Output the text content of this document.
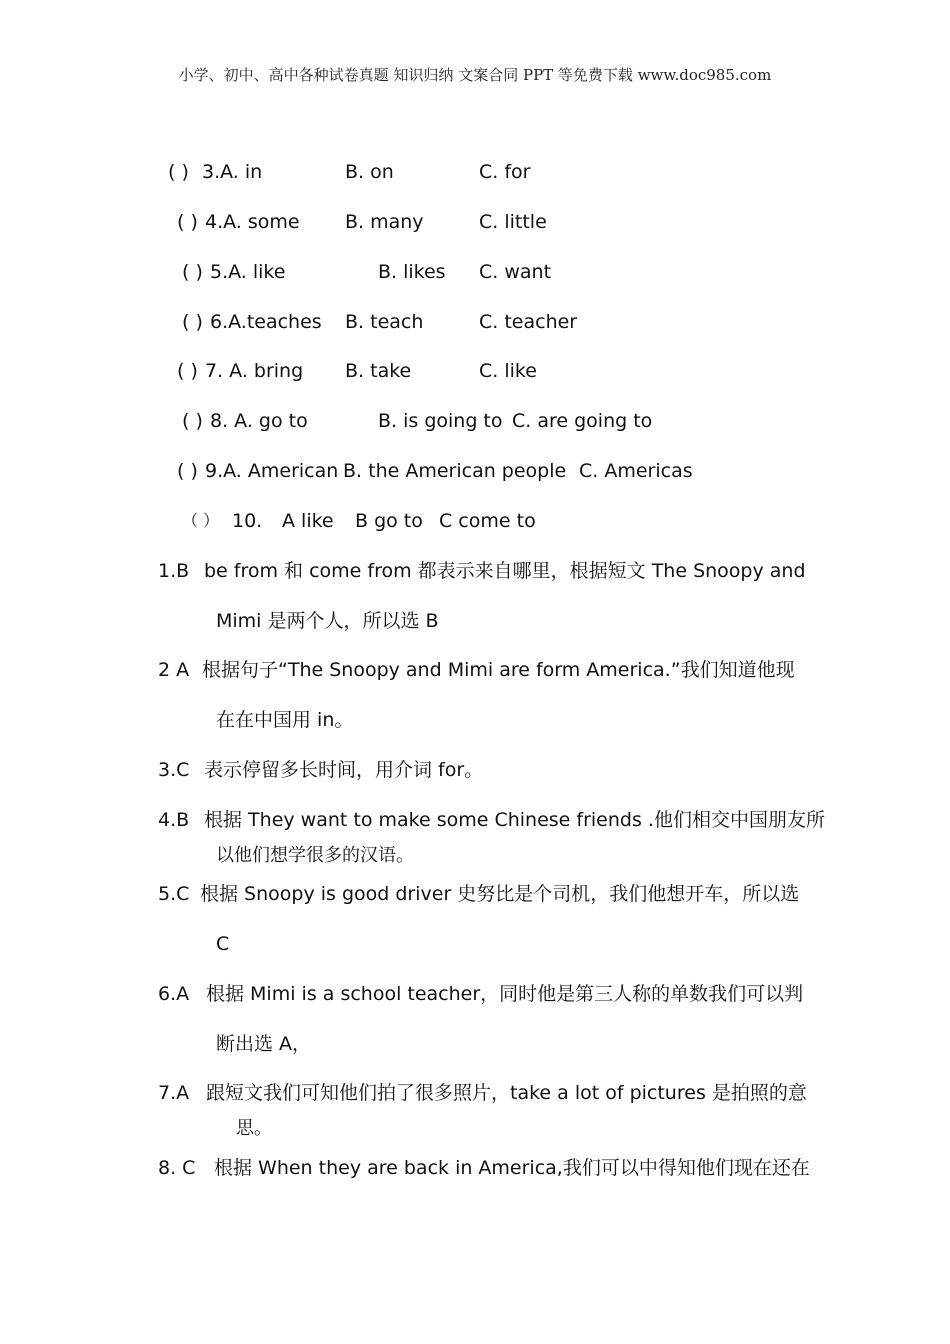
小学、初中、高中各种试卷真题 知识归纳 文案合同 PPT 等免费下载 www.doc985.com
( ) 3.A. in	B. on	C. for
( ) 4.A. some B. many	C. little
( ) 5.A. like	B. likes C. want
( ) 6.A.teaches B. teach	C. teacher
( ) 7. A. bring B. take	C. like
( ) 8. A. go to	B. is going to C. are going to
( ) 9.A. American B. the American people C. Americas
（ ） 10. A like B go to C come to
1.B be from 和 come from 都表示来自哪里，根据短文 The Snoopy and
Mimi 是两个人，所以选 B
2 A 根据句子“The Snoopy and Mimi are form America.”我们知道他现
在在中国用 in。
3.C 表示停留多长时间，用介词 for。
4.B 根据 They want to make some Chinese friends .他们相交中国朋友所
以他们想学很多的汉语。
5.C 根据 Snoopy is good driver 史努比是个司机，我们他想开车，所以选
C
6.A 根据 Mimi is a school teacher，同时他是第三人称的单数我们可以判
断出选 A，
7.A 跟短文我们可知他们拍了很多照片，take a lot of pictures 是拍照的意
思。
8. C 根据 When they are back in America,我们可以中得知他们现在还在
